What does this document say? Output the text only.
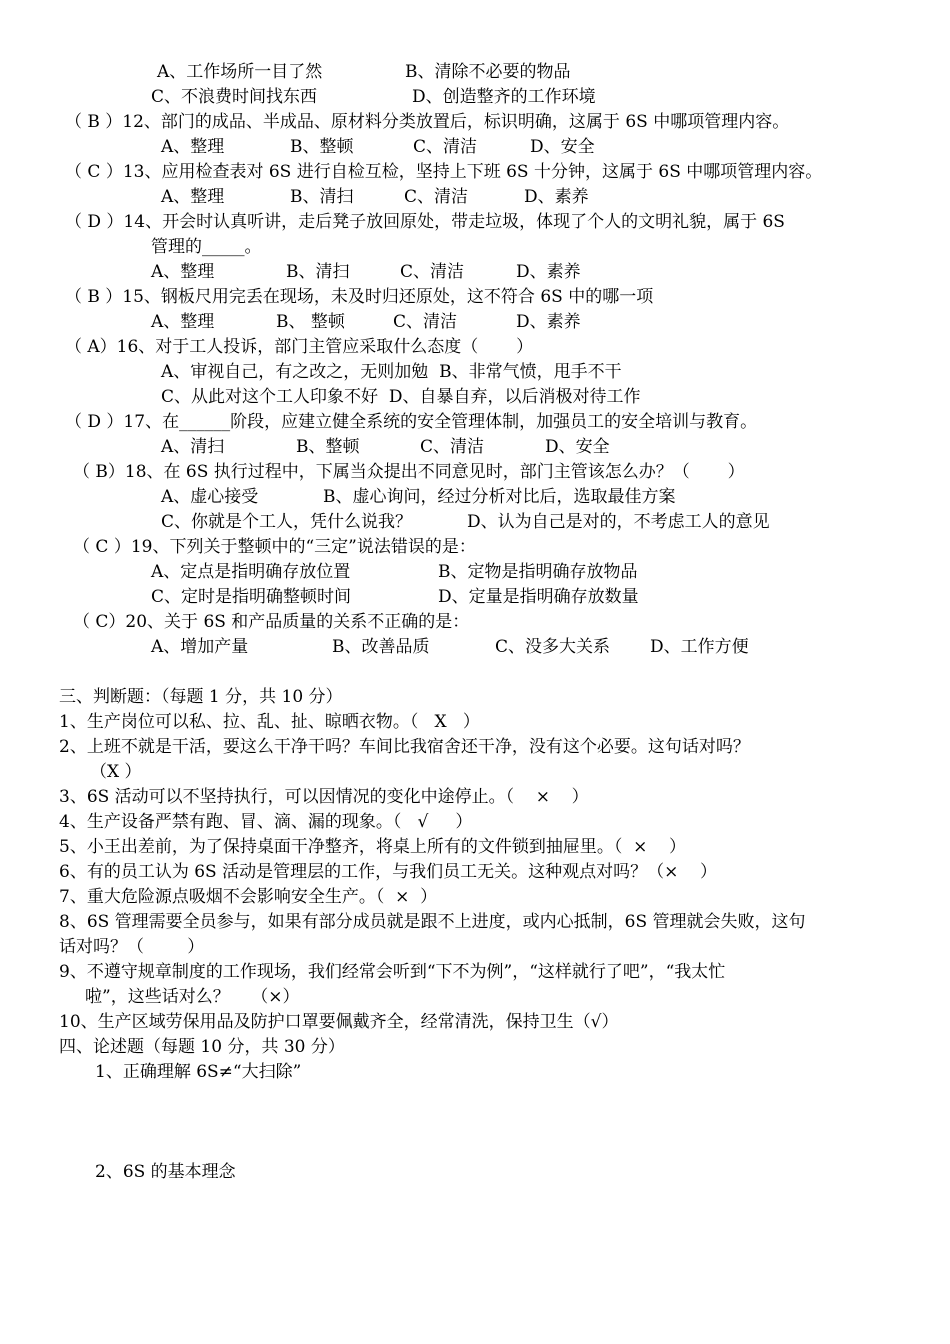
A、工作场所一目了然	B、清除不必要的物品
C、不浪费时间找东西	D、创造整齐的工作环境
（ B ）12、部门的成品、半成品、原材料分类放置后，标识明确，这属于 6S 中哪项管理内容。
A、整理	B、整顿	C、清洁	D、安全
（ C ）13、应用检查表对 6S 进行自检互检，坚持上下班 6S 十分钟，这属于 6S 中哪项管理内容。
A、整理	B、清扫	C、清洁	D、素养
（ D ）14、开会时认真听讲，走后凳子放回原处，带走垃圾，体现了个人的文明礼貌，属于 6S
管理的_____。
A、整理	B、清扫	C、清洁	D、素养
（ B ）15、钢板尺用完丢在现场，未及时归还原处，这不符合 6S 中的哪一项
A、整理	B、 整顿	C、清洁	D、素养
（ A）16、对于工人投诉，部门主管应采取什么态度（       ）
A、审视自己，有之改之，无则加勉  B、非常气愤，甩手不干
C、从此对这个工人印象不好  D、自暴自弃，以后消极对待工作
（ D ）17、在______阶段，应建立健全系统的安全管理体制，加强员工的安全培训与教育。
A、清扫	B、整顿	C、清洁	D、安全
（ B）18、在 6S 执行过程中，下属当众提出不同意见时，部门主管该怎么办？（       ）
A、虚心接受	B、虚心询问，经过分析对比后，选取最佳方案
C、你就是个工人，凭什么说我？	D、认为自己是对的，不考虑工人的意见
（ C ）19、下列关于整顿中的“三定”说法错误的是：
A、定点是指明确存放位置	B、定物是指明确存放物品
C、定时是指明确整顿时间	D、定量是指明确存放数量
（ C）20、关于 6S 和产品质量的关系不正确的是：
A、增加产量	B、改善品质	C、没多大关系 D、工作方便
三、判断题：（每题 1 分，共 10 分）
1、生产岗位可以私、拉、乱、扯、晾晒衣物。（   X   ）
2、上班不就是干活，要这么干净干吗？车间比我宿舍还干净，没有这个必要。这句话对吗？
（X ）
3、6S 活动可以不坚持执行，可以因情况的变化中途停止。（    ×    ）
4、生产设备严禁有跑、冒、滴、漏的现象。（   √     ）
5、小王出差前，为了保持桌面干净整齐，将桌上所有的文件锁到抽屉里。（  ×    ）
6、有的员工认为 6S 活动是管理层的工作，与我们员工无关。这种观点对吗？（×    ）
7、重大危险源点吸烟不会影响安全生产。（  ×  ）
8、6S 管理需要全员参与，如果有部分成员就是跟不上进度，或内心抵制，6S 管理就会失败，这句
话对吗？（        ）
9、不遵守规章制度的工作现场，我们经常会听到“下不为例”，“这样就行了吧”，“我太忙
啦”，这些话对么？    （×）
10、生产区域劳保用品及防护口罩要佩戴齐全，经常清洗，保持卫生（√）
四、论述题（每题 10 分，共 30 分）
1、正确理解 6S≠“大扫除”
2、6S 的基本理念
